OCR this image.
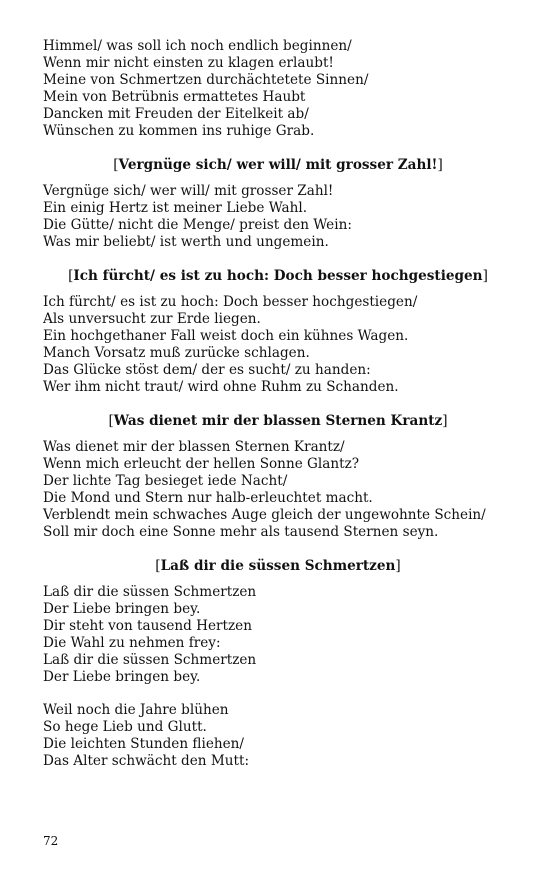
Himmel/ was soll ich noch endlich beginnen/
Wenn mir nicht einsten zu klagen erlaubt!
Meine von Schmertzen durchächtetete Sinnen/
Mein von Betrübnis ermattetes Haubt
Dancken mit Freuden der Eitelkeit ab/
Wünschen zu kommen ins ruhige Grab.
[Vergnüge sich/ wer will/ mit grosser Zahl!]
Vergnüge sich/ wer will/ mit grosser Zahl!
Ein einig Hertz ist meiner Liebe Wahl.
Die Gütte/ nicht die Menge/ preist den Wein:
Was mir beliebt/ ist werth und ungemein.
[Ich fürcht/ es ist zu hoch: Doch besser hochgestiegen]
Ich fürcht/ es ist zu hoch: Doch besser hochgestiegen/
Als unversucht zur Erde liegen.
Ein hochgethaner Fall weist doch ein kühnes Wagen.
Manch Vorsatz muß zurücke schlagen.
Das Glücke stöst dem/ der es sucht/ zu handen:
Wer ihm nicht traut/ wird ohne Ruhm zu Schanden.
[Was dienet mir der blassen Sternen Krantz]
Was dienet mir der blassen Sternen Krantz/
Wenn mich erleucht der hellen Sonne Glantz?
Der lichte Tag besieget iede Nacht/
Die Mond und Stern nur halb-erleuchtet macht.
Verblendt mein schwaches Auge gleich der ungewohnte Schein/
Soll mir doch eine Sonne mehr als tausend Sternen seyn.
[Laß dir die süssen Schmertzen]
Laß dir die süssen Schmertzen
Der Liebe bringen bey.
Dir steht von tausend Hertzen
Die Wahl zu nehmen frey:
Laß dir die süssen Schmertzen
Der Liebe bringen bey.
Weil noch die Jahre blühen
So hege Lieb und Glutt.
Die leichten Stunden fliehen/
Das Alter schwächt den Mutt:
72
